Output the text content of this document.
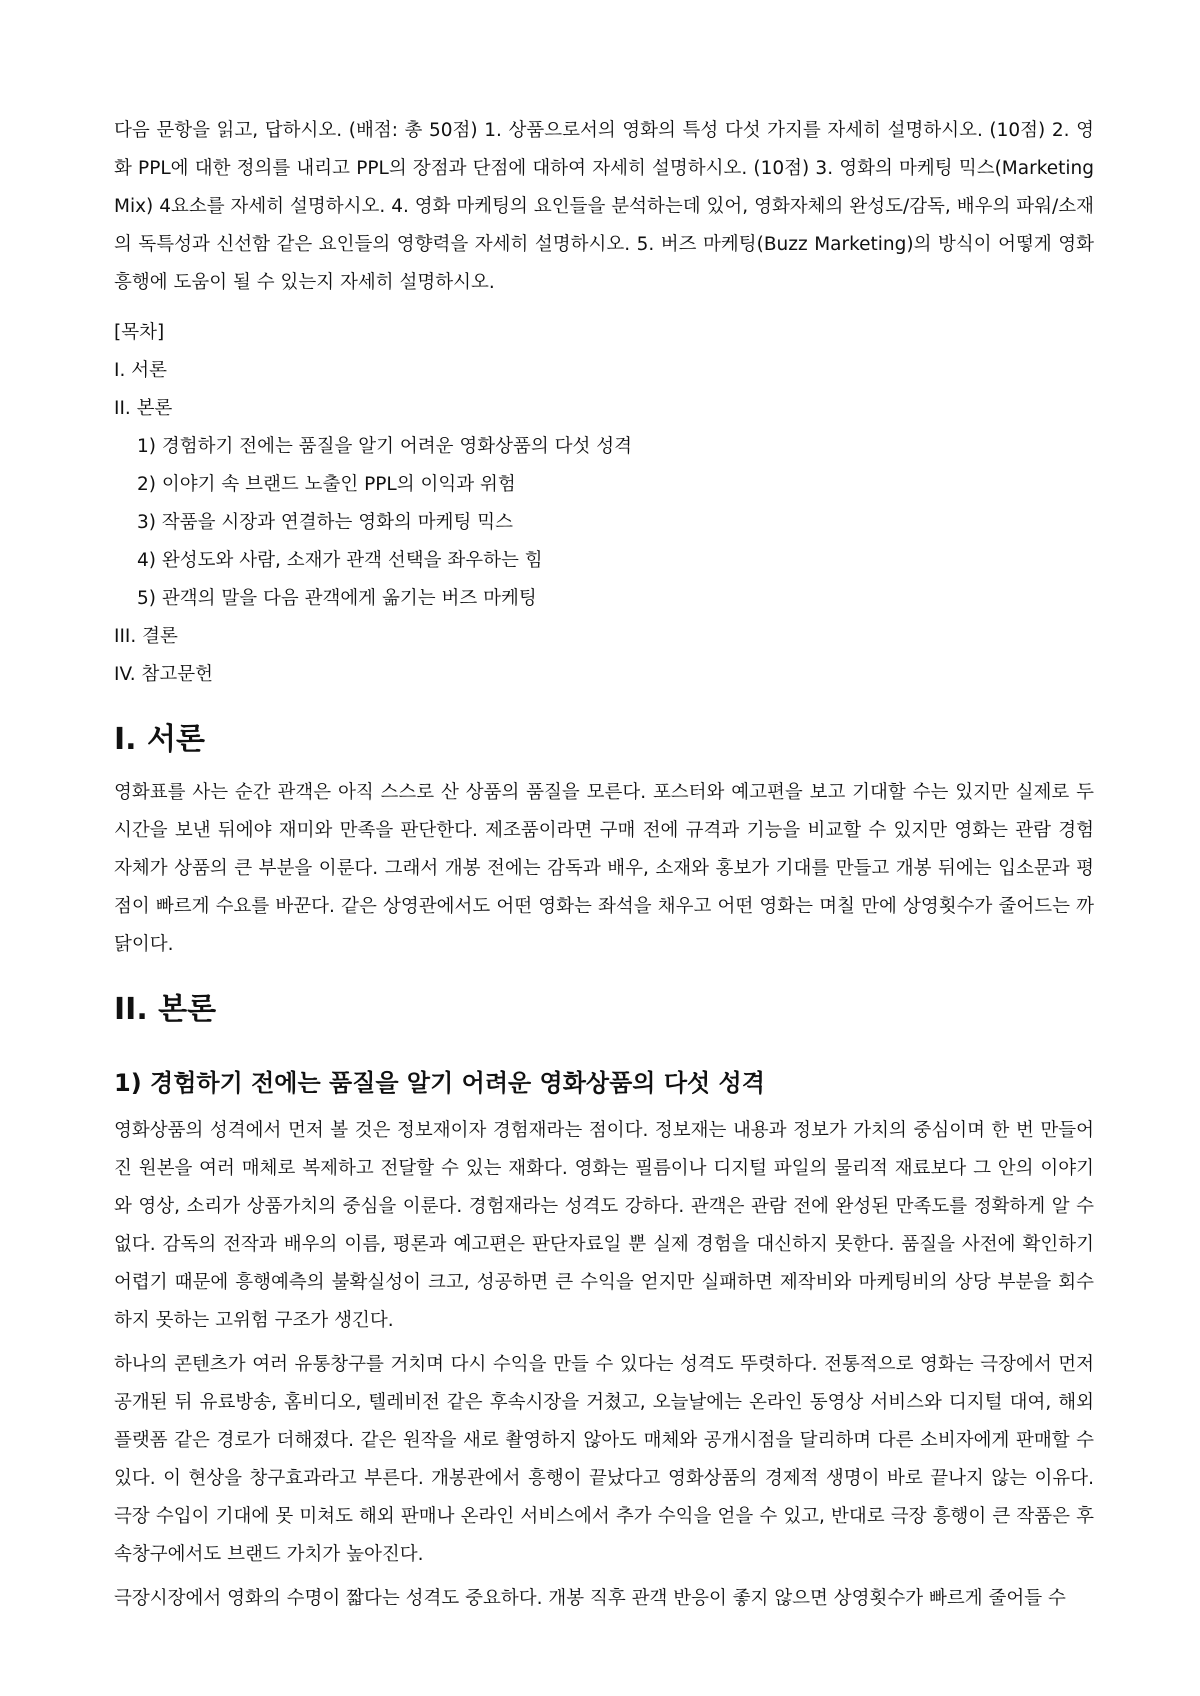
다음 문항을 읽고, 답하시오. (배점: 총 50점) 1. 상품으로서의 영화의 특성 다섯 가지를 자세히 설명하시오. (10점) 2. 영화 PPL에 대한 정의를 내리고 PPL의 장점과 단점에 대하여 자세히 설명하시오. (10점) 3. 영화의 마케팅 믹스(Marketing Mix) 4요소를 자세히 설명하시오. 4. 영화 마케팅의 요인들을 분석하는데 있어, 영화자체의 완성도/감독, 배우의 파워/소재의 독특성과 신선함 같은 요인들의 영향력을 자세히 설명하시오. 5. 버즈 마케팅(Buzz Marketing)의 방식이 어떻게 영화흥행에 도움이 될 수 있는지 자세히 설명하시오.

[목차]

I. 서론
II. 본론
1) 경험하기 전에는 품질을 알기 어려운 영화상품의 다섯 성격
2) 이야기 속 브랜드 노출인 PPL의 이익과 위험
3) 작품을 시장과 연결하는 영화의 마케팅 믹스
4) 완성도와 사람, 소재가 관객 선택을 좌우하는 힘
5) 관객의 말을 다음 관객에게 옮기는 버즈 마케팅
III. 결론
IV. 참고문헌
I. 서론

영화표를 사는 순간 관객은 아직 스스로 산 상품의 품질을 모른다. 포스터와 예고편을 보고 기대할 수는 있지만 실제로 두 시간을 보낸 뒤에야 재미와 만족을 판단한다. 제조품이라면 구매 전에 규격과 기능을 비교할 수 있지만 영화는 관람 경험 자체가 상품의 큰 부분을 이룬다. 그래서 개봉 전에는 감독과 배우, 소재와 홍보가 기대를 만들고 개봉 뒤에는 입소문과 평점이 빠르게 수요를 바꾼다. 같은 상영관에서도 어떤 영화는 좌석을 채우고 어떤 영화는 며칠 만에 상영횟수가 줄어드는 까닭이다.

II. 본론
1) 경험하기 전에는 품질을 알기 어려운 영화상품의 다섯 성격

영화상품의 성격에서 먼저 볼 것은 정보재이자 경험재라는 점이다. 정보재는 내용과 정보가 가치의 중심이며 한 번 만들어진 원본을 여러 매체로 복제하고 전달할 수 있는 재화다. 영화는 필름이나 디지털 파일의 물리적 재료보다 그 안의 이야기와 영상, 소리가 상품가치의 중심을 이룬다. 경험재라는 성격도 강하다. 관객은 관람 전에 완성된 만족도를 정확하게 알 수 없다. 감독의 전작과 배우의 이름, 평론과 예고편은 판단자료일 뿐 실제 경험을 대신하지 못한다. 품질을 사전에 확인하기 어렵기 때문에 흥행예측의 불확실성이 크고, 성공하면 큰 수익을 얻지만 실패하면 제작비와 마케팅비의 상당 부분을 회수하지 못하는 고위험 구조가 생긴다.

하나의 콘텐츠가 여러 유통창구를 거치며 다시 수익을 만들 수 있다는 성격도 뚜렷하다. 전통적으로 영화는 극장에서 먼저 공개된 뒤 유료방송, 홈비디오, 텔레비전 같은 후속시장을 거쳤고, 오늘날에는 온라인 동영상 서비스와 디지털 대여, 해외 플랫폼 같은 경로가 더해졌다. 같은 원작을 새로 촬영하지 않아도 매체와 공개시점을 달리하며 다른 소비자에게 판매할 수 있다. 이 현상을 창구효과라고 부른다. 개봉관에서 흥행이 끝났다고 영화상품의 경제적 생명이 바로 끝나지 않는 이유다. 극장 수입이 기대에 못 미쳐도 해외 판매나 온라인 서비스에서 추가 수익을 얻을 수 있고, 반대로 극장 흥행이 큰 작품은 후속창구에서도 브랜드 가치가 높아진다.

극장시장에서 영화의 수명이 짧다는 성격도 중요하다. 개봉 직후 관객 반응이 좋지 않으면 상영횟수가 빠르게 줄어들 수
